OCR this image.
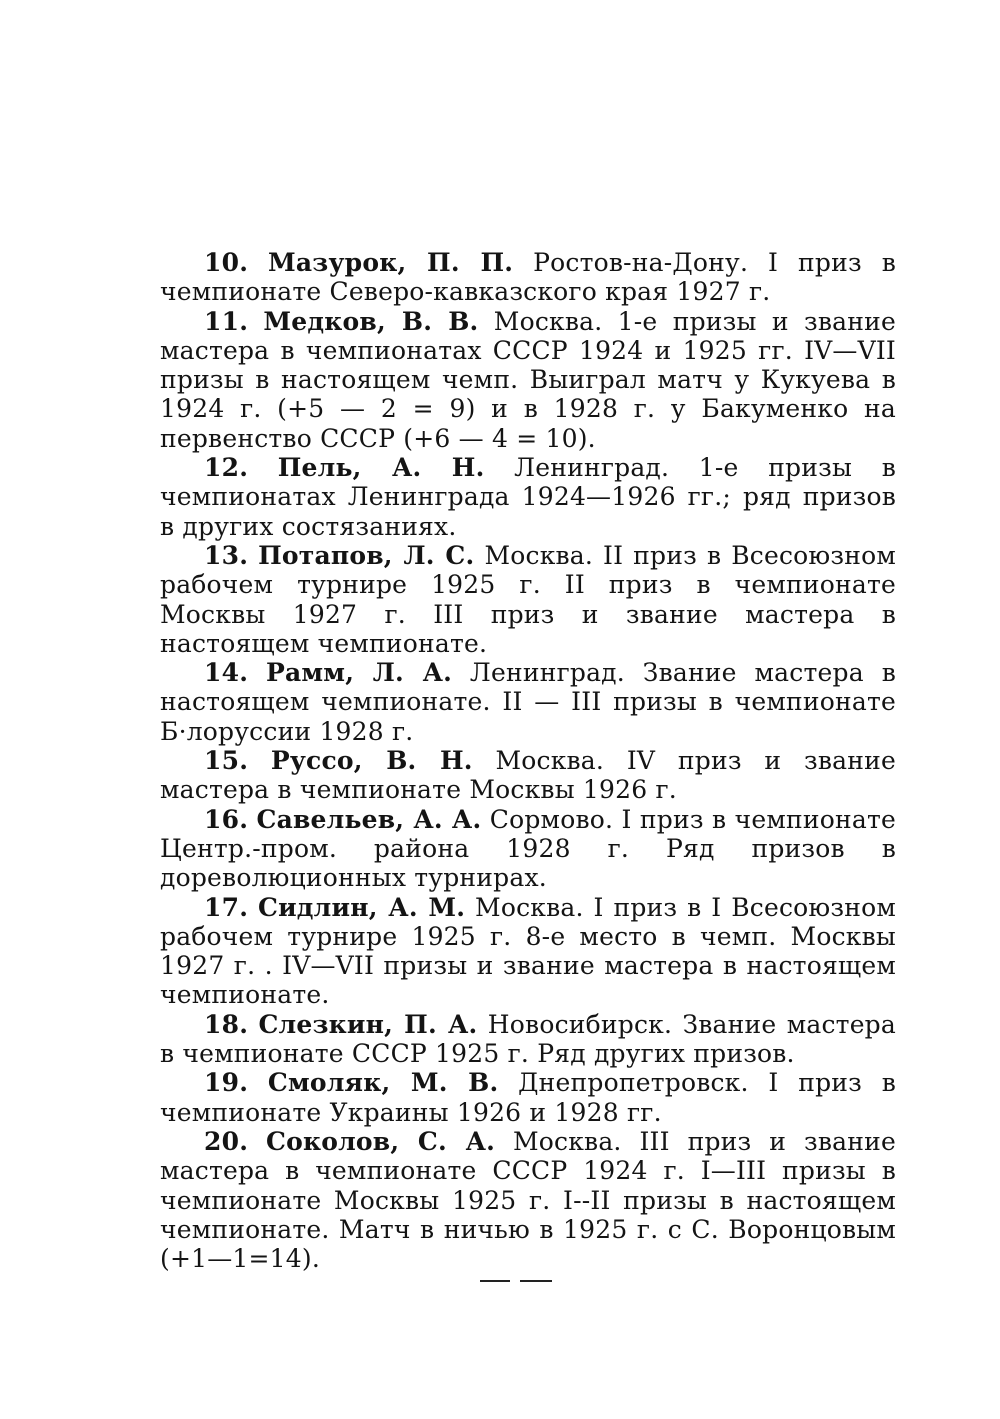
10. Мазурок, П. П. Ростов-на-Дону. I приз в чемпионате Северо-кавказского края 1927 г.

11. Медков, В. В. Москва. 1-е призы и звание мастера в чемпионатах СССР 1924 и 1925 гг. IV—VII призы в настоящем чемп. Выиграл матч у Кукуева в 1924 г. (+5 — 2 = 9) и в 1928 г. у Бакуменко на первенство СССР (+6 — 4 = 10).

12. Пель, А. Н. Ленинград. 1-е призы в чемпионатах Ленинграда 1924—1926 гг.; ряд призов в других состязаниях.

13. Потапов, Л. С. Москва. II приз в Всесоюзном рабочем турнире 1925 г. II приз в чемпионате Москвы 1927 г. III приз и звание мастера в настоящем чемпионате.

14. Рамм, Л. А. Ленинград. Звание мастера в настоящем чемпионате. II — III призы в чемпионате Б·лоруссии 1928 г.

15. Руссо, В. Н. Москва. IV приз и звание мастера в чемпионате Москвы 1926 г.

16. Савельев, А. А. Сормово. I приз в чемпионате Центр.-пром. района 1928 г. Ряд призов в дореволюционных турнирах.

17. Сидлин, А. М. Москва. I приз в I Всесоюзном рабочем турнире 1925 г. 8-е место в чемп. Москвы 1927 г. . IV—VII призы и звание мастера в настоящем чемпионате.

18. Слезкин, П. А. Новосибирск. Звание мастера в чемпионате СССР 1925 г. Ряд других призов.

19. Смоляк, М. В. Днепропетровск. I приз в чемпионате Украины 1926 и 1928 гг.

20. Соколов, С. А. Москва. III приз и звание мастера в чемпионате СССР 1924 г. I—III призы в чемпионате Москвы 1925 г. I--II призы в настоящем чемпионате. Матч в ничью в 1925 г. с С. Воронцовым (+1—1=14).
